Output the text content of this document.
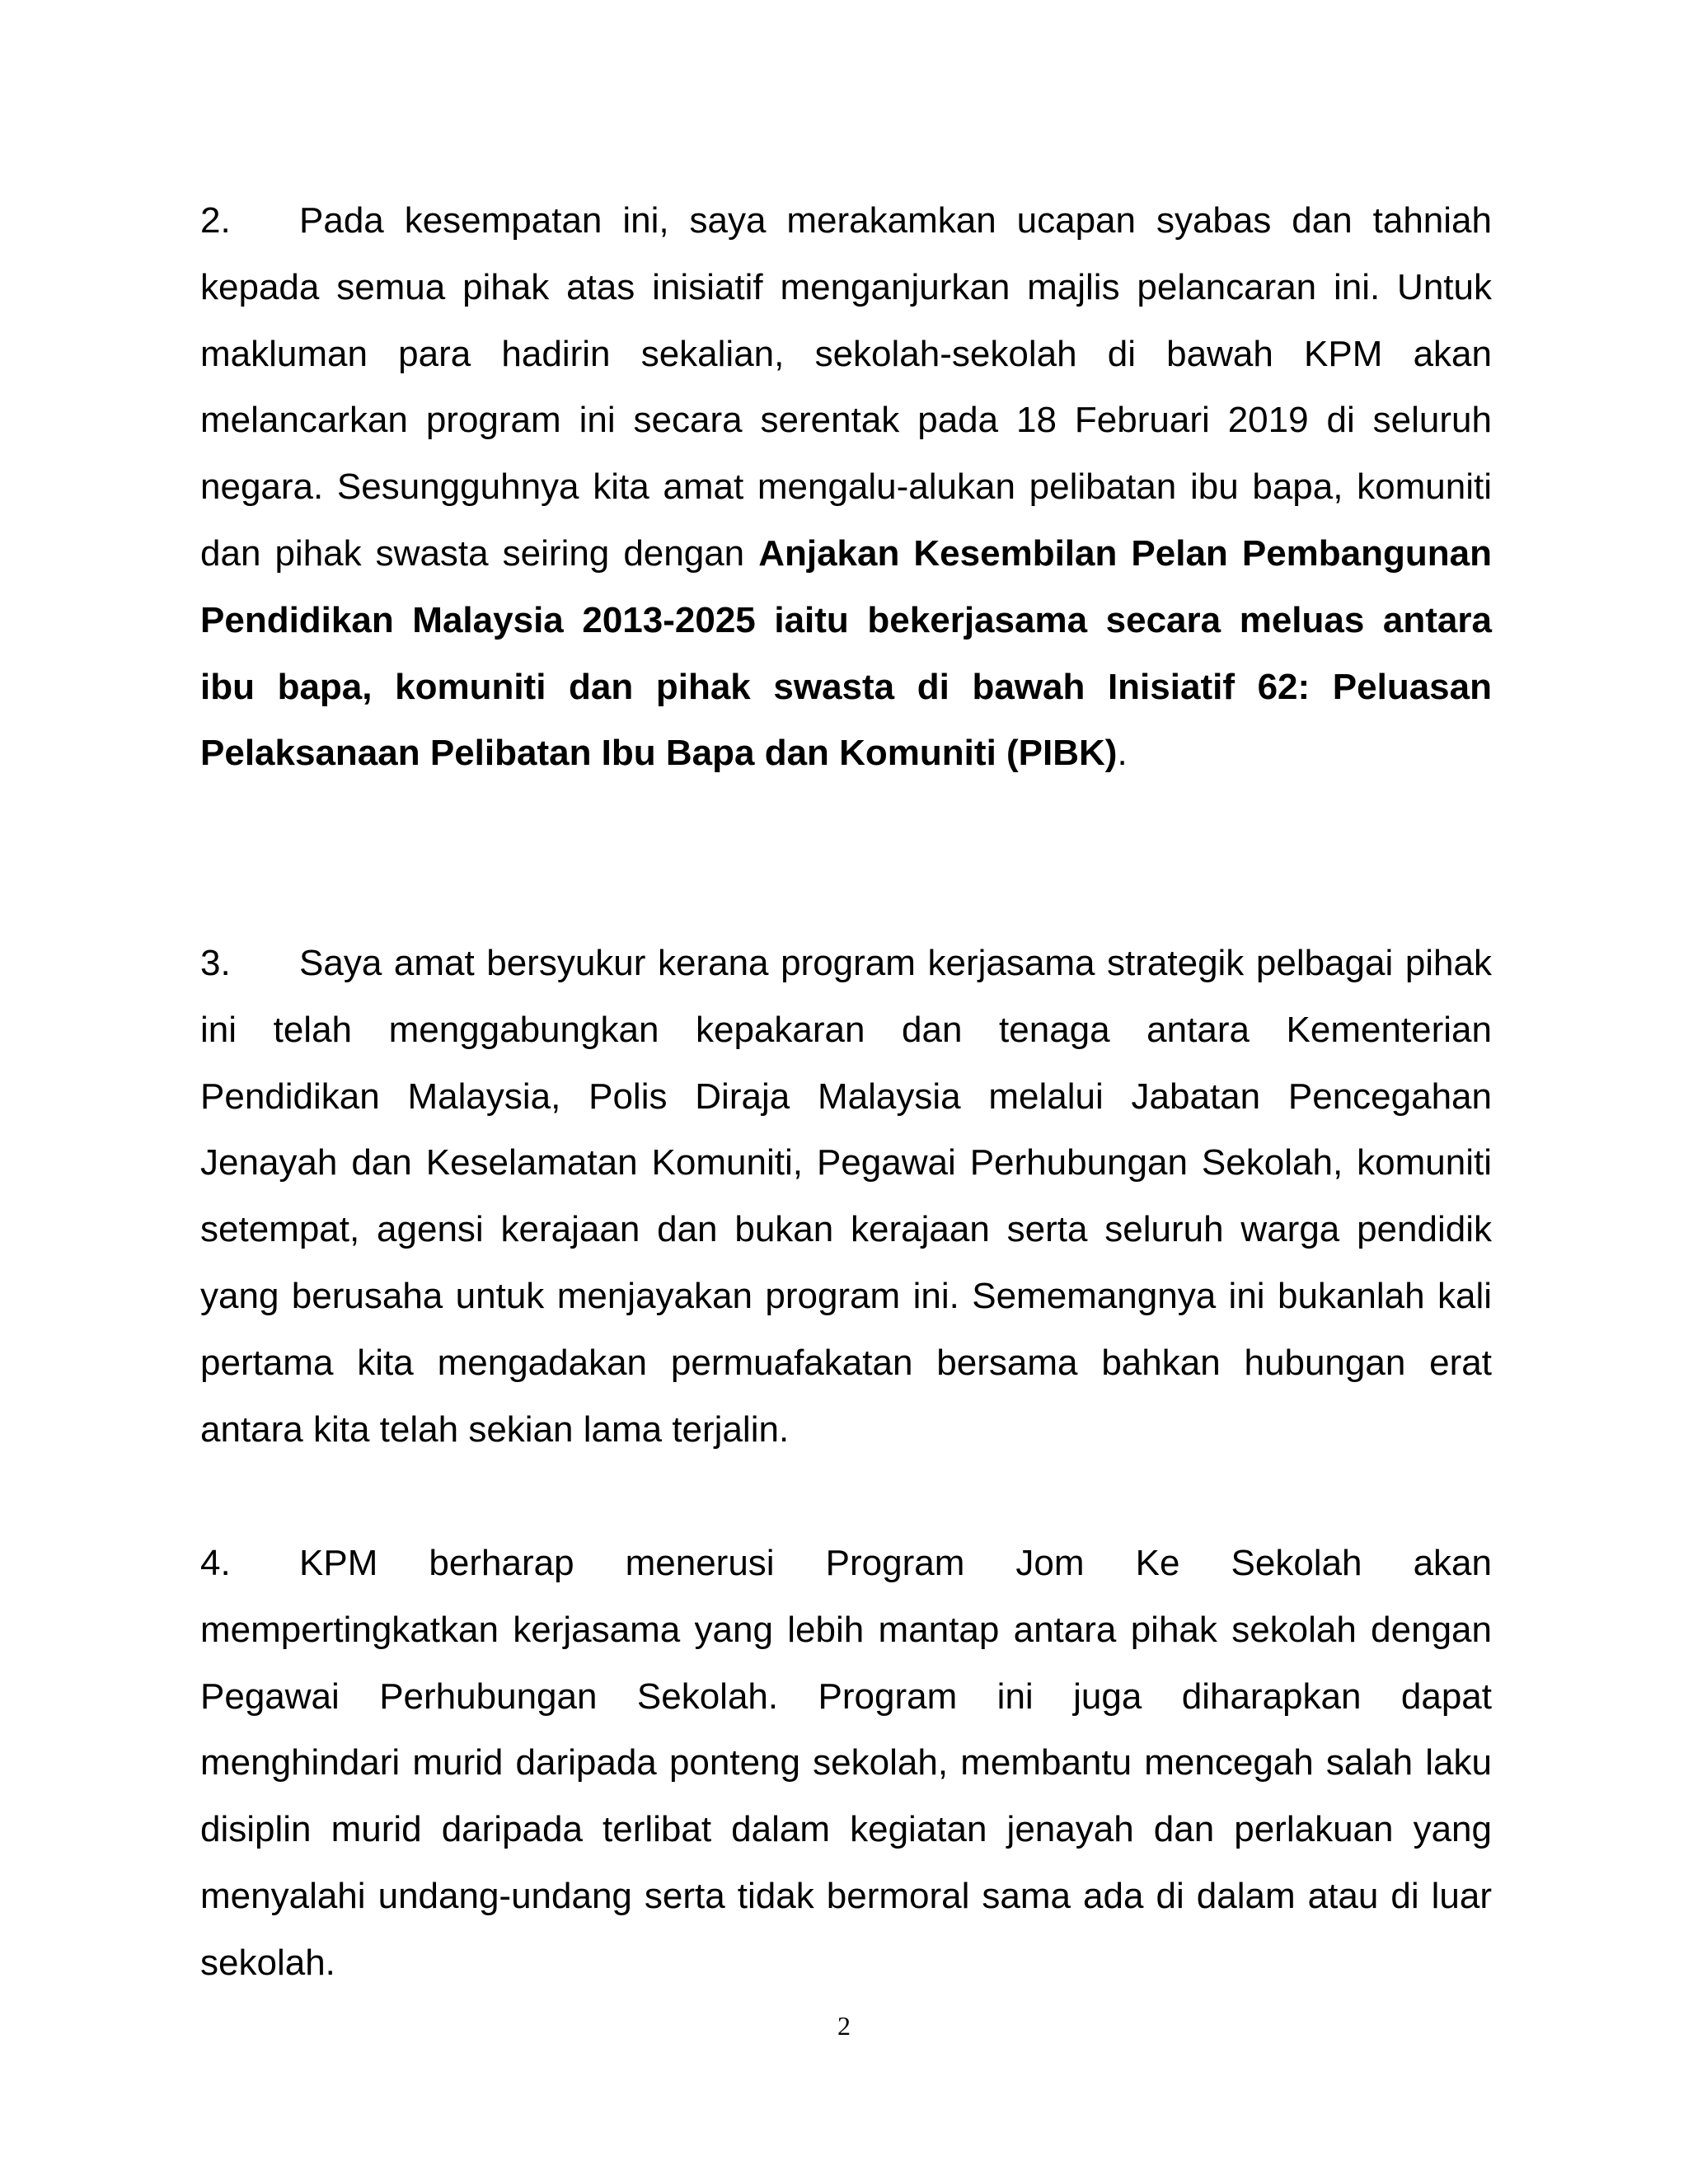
2. Pada kesempatan ini, saya merakamkan ucapan syabas dan tahniah kepada semua pihak atas inisiatif menganjurkan majlis pelancaran ini. Untuk makluman para hadirin sekalian, sekolah-sekolah di bawah KPM akan melancarkan program ini secara serentak pada 18 Februari 2019 di seluruh negara. Sesungguhnya kita amat mengalu-alukan pelibatan ibu bapa, komuniti dan pihak swasta seiring dengan Anjakan Kesembilan Pelan Pembangunan Pendidikan Malaysia 2013-2025 iaitu bekerjasama secara meluas antara ibu bapa, komuniti dan pihak swasta di bawah Inisiatif 62: Peluasan Pelaksanaan Pelibatan Ibu Bapa dan Komuniti (PIBK).

3. Saya amat bersyukur kerana program kerjasama strategik pelbagai pihak ini telah menggabungkan kepakaran dan tenaga antara Kementerian Pendidikan Malaysia, Polis Diraja Malaysia melalui Jabatan Pencegahan Jenayah dan Keselamatan Komuniti, Pegawai Perhubungan Sekolah, komuniti setempat, agensi kerajaan dan bukan kerajaan serta seluruh warga pendidik yang berusaha untuk menjayakan program ini. Sememangnya ini bukanlah kali pertama kita mengadakan permuafakatan bersama bahkan hubungan erat antara kita telah sekian lama terjalin.

4. KPM berharap menerusi Program Jom Ke Sekolah akan
mempertingkatkan kerjasama yang lebih mantap antara pihak sekolah dengan Pegawai Perhubungan Sekolah. Program ini juga diharapkan dapat menghindari murid daripada ponteng sekolah, membantu mencegah salah laku disiplin murid daripada terlibat dalam kegiatan jenayah dan perlakuan yang menyalahi undang-undang serta tidak bermoral sama ada di dalam atau di luar sekolah.

2
